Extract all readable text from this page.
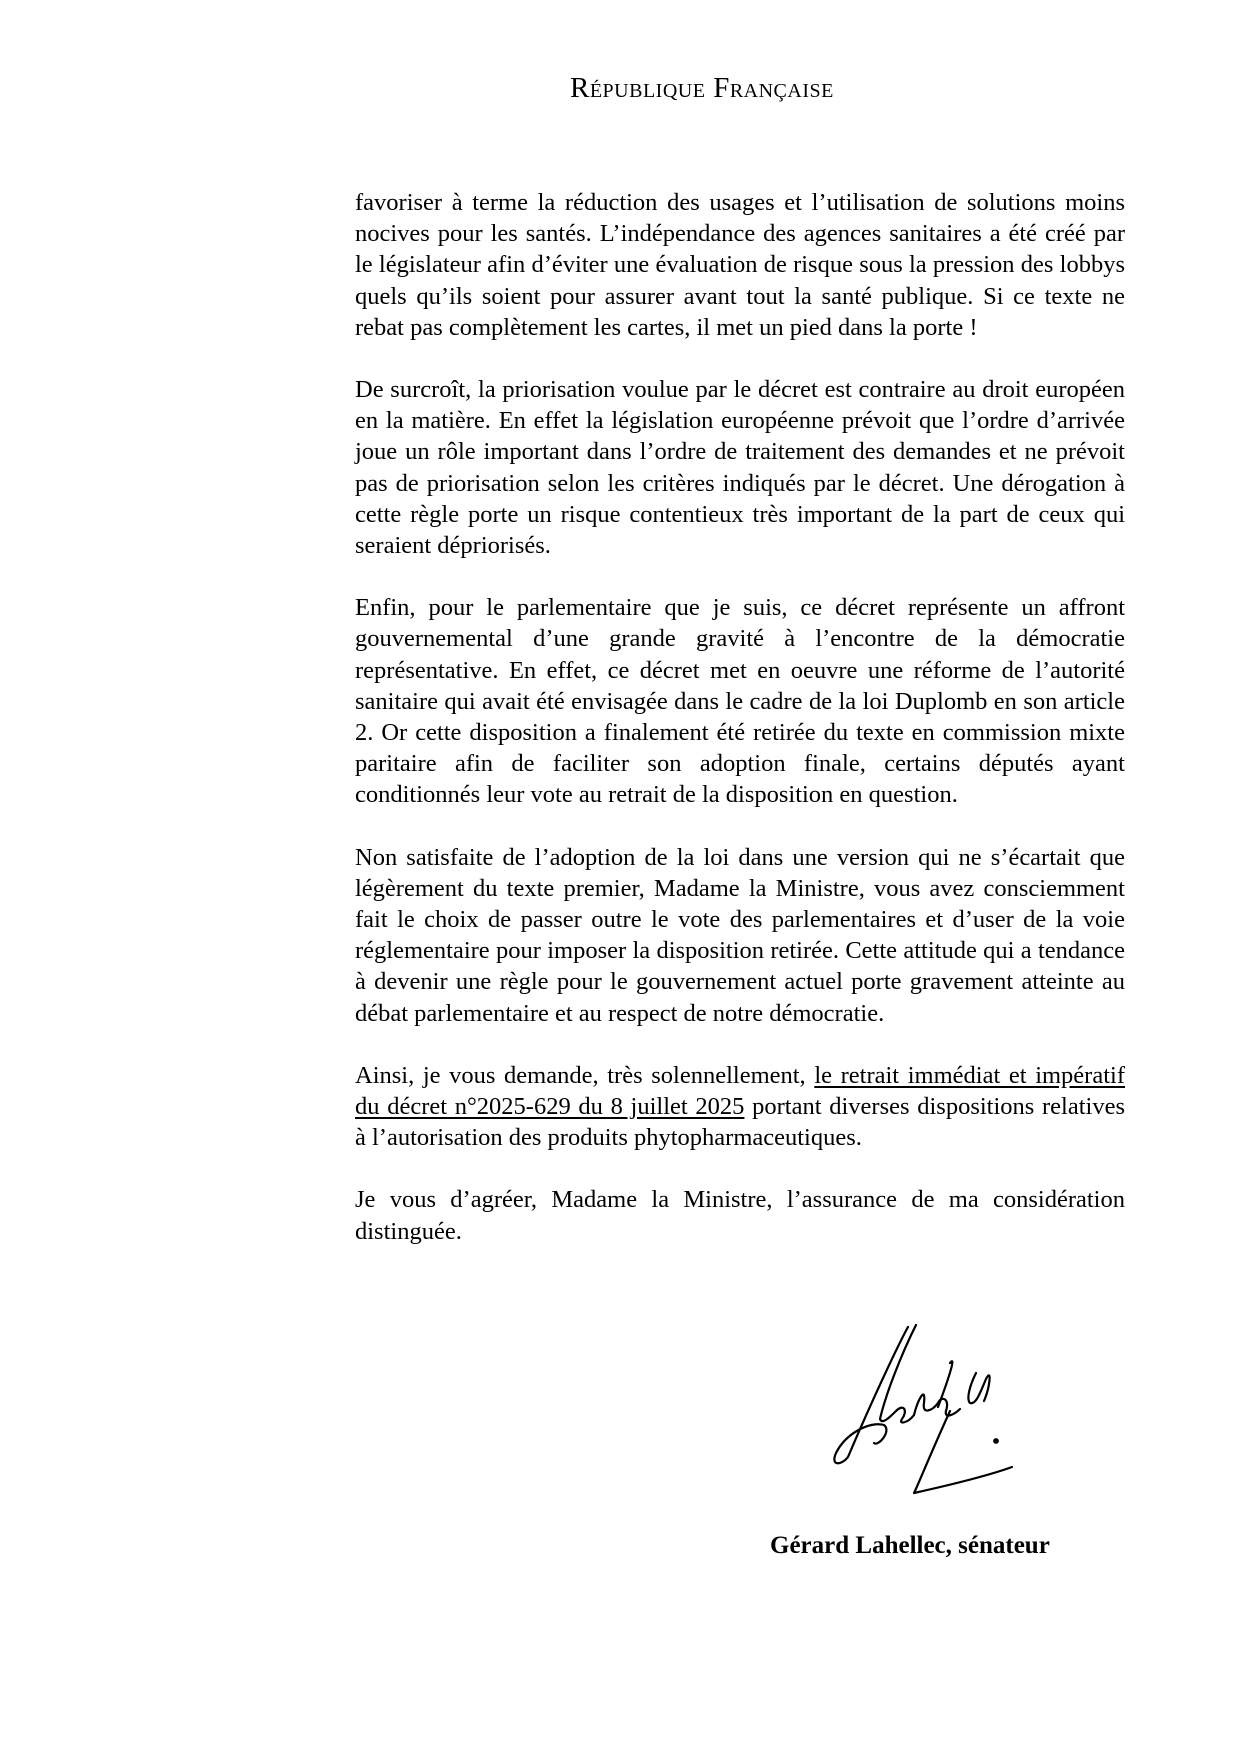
République Française

favoriser à terme la réduction des usages et l’utilisation de solutions moins nocives pour les santés. L’indépendance des agences sanitaires a été créé par le législateur afin d’éviter une évaluation de risque sous la pression des lobbys quels qu’ils soient pour assurer avant tout la santé publique. Si ce texte ne rebat pas complètement les cartes, il met un pied dans la porte !

De surcroît, la priorisation voulue par le décret est contraire au droit européen en la matière. En effet la législation européenne prévoit que l’ordre d’arrivée joue un rôle important dans l’ordre de traitement des demandes et ne prévoit pas de priorisation selon les critères indiqués par le décret. Une dérogation à cette règle porte un risque contentieux très important de la part de ceux qui seraient dépriorisés.

Enfin, pour le parlementaire que je suis, ce décret représente un affront gouvernemental d’une grande gravité à l’encontre de la démocratie représentative. En effet, ce décret met en oeuvre une réforme de l’autorité sanitaire qui avait été envisagée dans le cadre de la loi Duplomb en son article 2. Or cette disposition a finalement été retirée du texte en commission mixte paritaire afin de faciliter son adoption finale, certains députés ayant conditionnés leur vote au retrait de la disposition en question.

Non satisfaite de l’adoption de la loi dans une version qui ne s’écartait que légèrement du texte premier, Madame la Ministre, vous avez consciemment fait le choix de passer outre le vote des parlementaires et d’user de la voie réglementaire pour imposer la disposition retirée. Cette attitude qui a tendance à devenir une règle pour le gouvernement actuel porte gravement atteinte au débat parlementaire et au respect de notre démocratie.

Ainsi, je vous demande, très solennellement, le retrait immédiat et impératif du décret n°2025-629 du 8 juillet 2025 portant diverses dispositions relatives à l’autorisation des produits phytopharmaceutiques.

Je vous d’agréer, Madame la Ministre, l’assurance de ma considération distinguée.

Gérard Lahellec, sénateur
